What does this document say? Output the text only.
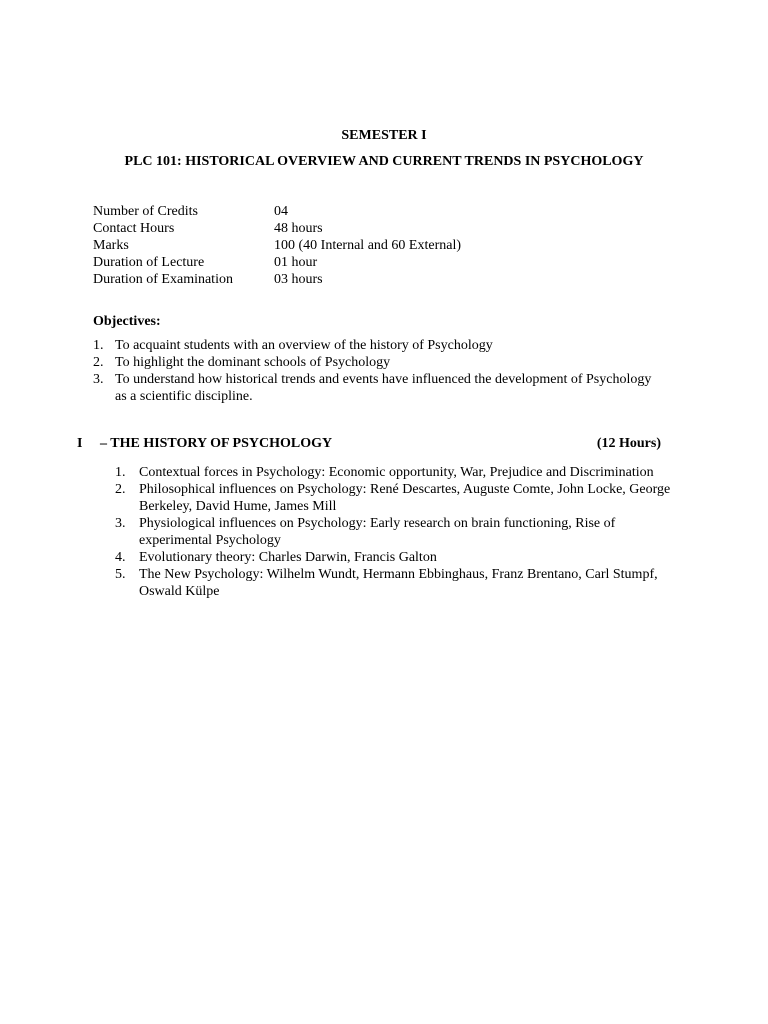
SEMESTER I
PLC 101: HISTORICAL OVERVIEW AND CURRENT TRENDS IN PSYCHOLOGY
Number of Credits	04
Contact Hours	48 hours
Marks	100 (40 Internal and 60 External)
Duration of Lecture	01 hour
Duration of Examination	03 hours
Objectives:
1. To acquaint students with an overview of the history of Psychology
2. To highlight the dominant schools of Psychology
3. To understand how historical trends and events have influenced the development of Psychology as a scientific discipline.
I	– THE HISTORY OF PSYCHOLOGY	(12 Hours)
1. Contextual forces in Psychology: Economic opportunity, War, Prejudice and Discrimination
2. Philosophical influences on Psychology: René Descartes, Auguste Comte, John Locke, George Berkeley, David Hume, James Mill
3. Physiological influences on Psychology: Early research on brain functioning, Rise of experimental Psychology
4. Evolutionary theory: Charles Darwin, Francis Galton
5. The New Psychology: Wilhelm Wundt, Hermann Ebbinghaus, Franz Brentano, Carl Stumpf, Oswald Külpe
